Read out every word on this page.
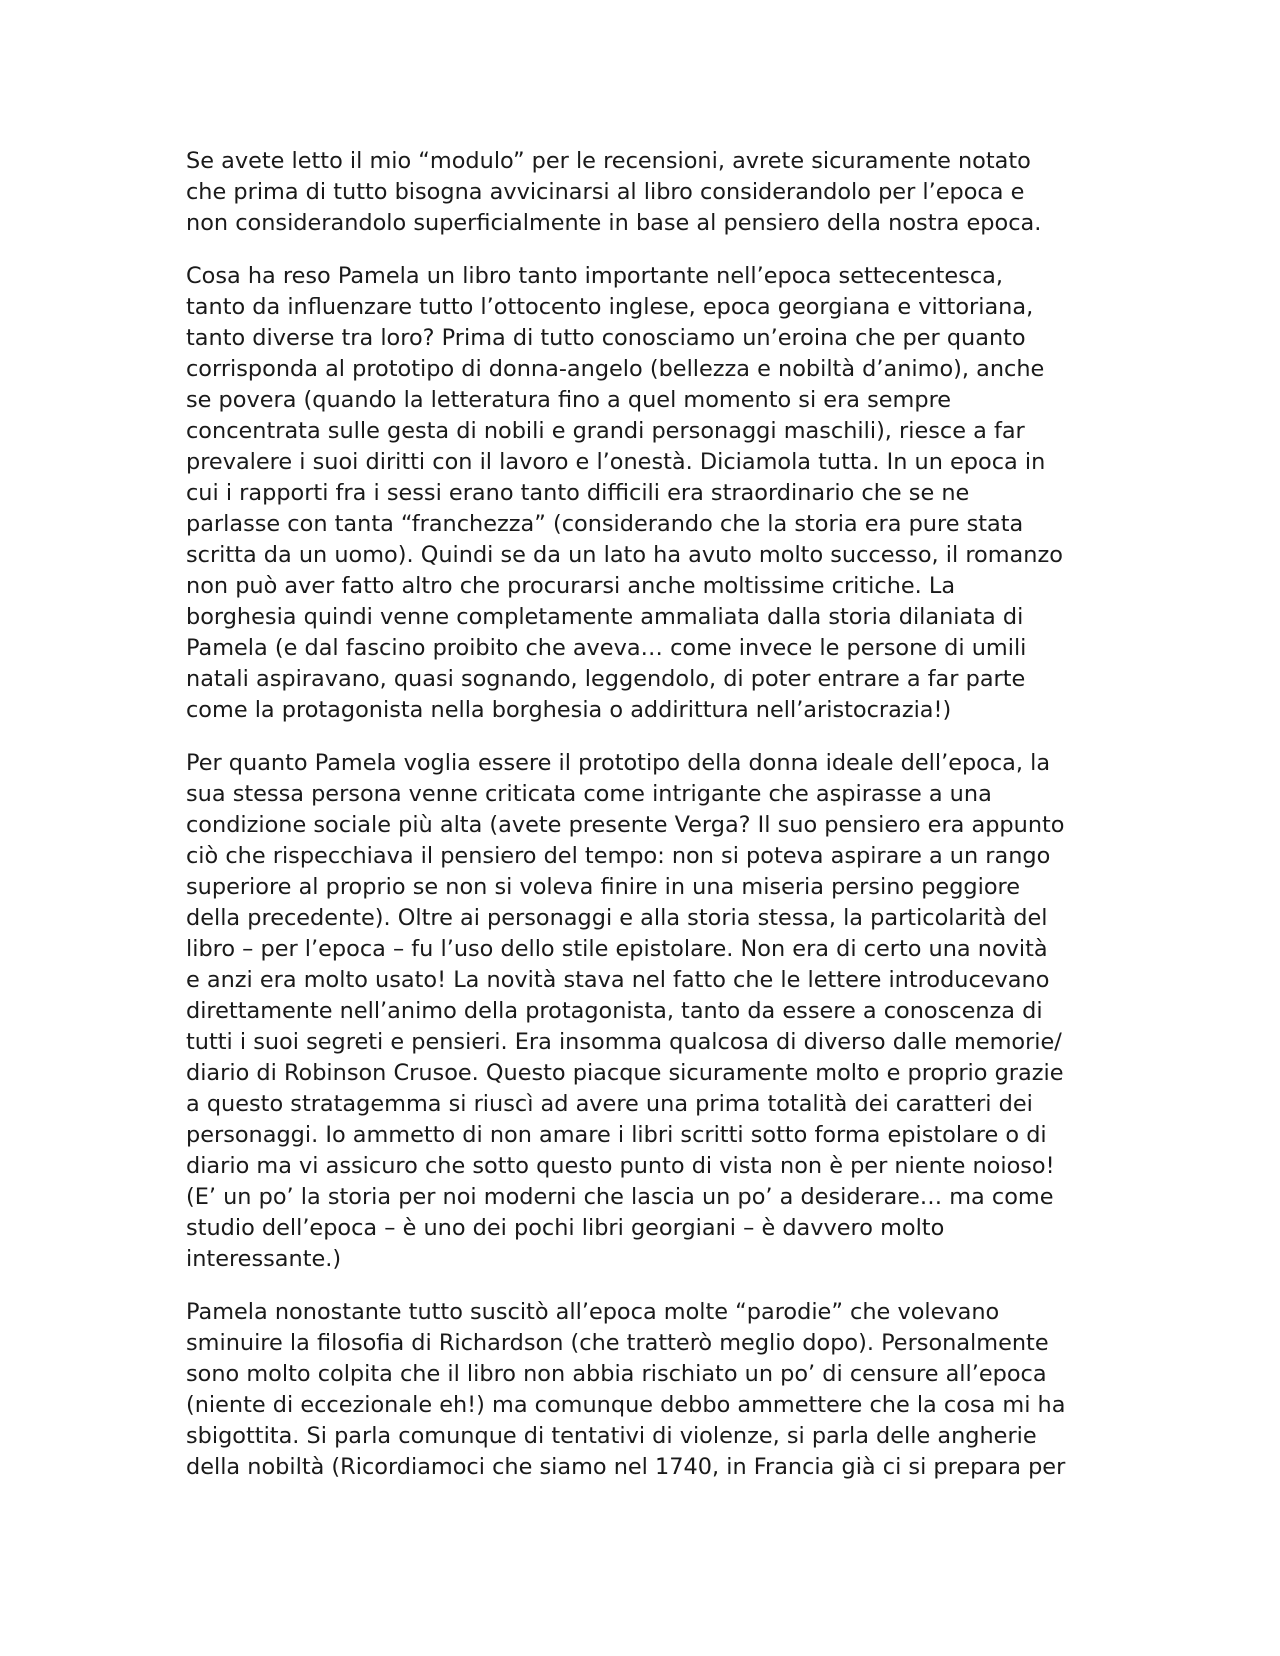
Se avete letto il mio “modulo” per le recensioni, avrete sicuramente notato
che prima di tutto bisogna avvicinarsi al libro considerandolo per l’epoca e
non considerandolo superficialmente in base al pensiero della nostra epoca.

Cosa ha reso Pamela un libro tanto importante nell’epoca settecentesca,
tanto da influenzare tutto l’ottocento inglese, epoca georgiana e vittoriana,
tanto diverse tra loro? Prima di tutto conosciamo un’eroina che per quanto
corrisponda al prototipo di donna-angelo (bellezza e nobiltà d’animo), anche
se povera (quando la letteratura fino a quel momento si era sempre
concentrata sulle gesta di nobili e grandi personaggi maschili), riesce a far
prevalere i suoi diritti con il lavoro e l’onestà. Diciamola tutta. In un epoca in
cui i rapporti fra i sessi erano tanto difficili era straordinario che se ne
parlasse con tanta “franchezza” (considerando che la storia era pure stata
scritta da un uomo). Quindi se da un lato ha avuto molto successo, il romanzo
non può aver fatto altro che procurarsi anche moltissime critiche. La
borghesia quindi venne completamente ammaliata dalla storia dilaniata di
Pamela (e dal fascino proibito che aveva… come invece le persone di umili
natali aspiravano, quasi sognando, leggendolo, di poter entrare a far parte
come la protagonista nella borghesia o addirittura nell’aristocrazia!)

Per quanto Pamela voglia essere il prototipo della donna ideale dell’epoca, la
sua stessa persona venne criticata come intrigante che aspirasse a una
condizione sociale più alta (avete presente Verga? Il suo pensiero era appunto
ciò che rispecchiava il pensiero del tempo: non si poteva aspirare a un rango
superiore al proprio se non si voleva finire in una miseria persino peggiore
della precedente). Oltre ai personaggi e alla storia stessa, la particolarità del
libro – per l’epoca – fu l’uso dello stile epistolare. Non era di certo una novità
e anzi era molto usato! La novità stava nel fatto che le lettere introducevano
direttamente nell’animo della protagonista, tanto da essere a conoscenza di
tutti i suoi segreti e pensieri. Era insomma qualcosa di diverso dalle memorie/
diario di Robinson Crusoe. Questo piacque sicuramente molto e proprio grazie
a questo stratagemma si riuscì ad avere una prima totalità dei caratteri dei
personaggi. Io ammetto di non amare i libri scritti sotto forma epistolare o di
diario ma vi assicuro che sotto questo punto di vista non è per niente noioso!
(E’ un po’ la storia per noi moderni che lascia un po’ a desiderare… ma come
studio dell’epoca – è uno dei pochi libri georgiani – è davvero molto
interessante.)

Pamela nonostante tutto suscitò all’epoca molte “parodie” che volevano
sminuire la filosofia di Richardson (che tratterò meglio dopo). Personalmente
sono molto colpita che il libro non abbia rischiato un po’ di censure all’epoca
(niente di eccezionale eh!) ma comunque debbo ammettere che la cosa mi ha
sbigottita. Si parla comunque di tentativi di violenze, si parla delle angherie
della nobiltà (Ricordiamoci che siamo nel 1740, in Francia già ci si prepara per
